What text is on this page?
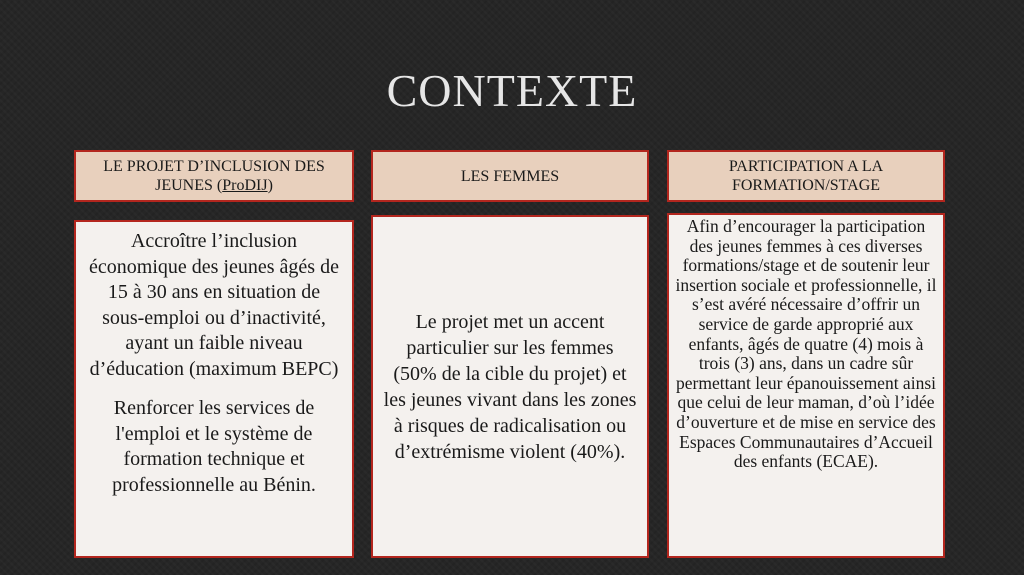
CONTEXTE
LE PROJET D’INCLUSION DES JEUNES (ProDIJ)
LES FEMMES
PARTICIPATION A LA FORMATION/STAGE

Accroître l’inclusion économique des jeunes âgés de 15 à 30 ans en situation de sous-emploi ou d’inactivité, ayant un faible niveau d’éducation (maximum BEPC)

Renforcer les services de l'emploi et le système de formation technique et professionnelle au Bénin.

Le projet met un accent particulier sur les femmes (50% de la cible du projet) et les jeunes vivant dans les zones à risques de radicalisation ou d’extrémisme violent (40%).

Afin d’encourager la participation des jeunes femmes à ces diverses formations/stage et de soutenir leur insertion sociale et professionnelle, il s’est avéré nécessaire d’offrir un service de garde approprié aux enfants, âgés de quatre (4) mois à trois (3) ans, dans un cadre sûr permettant leur épanouissement ainsi que celui de leur maman, d’où l’idée d’ouverture et de mise en service des Espaces Communautaires d’Accueil des enfants (ECAE).
